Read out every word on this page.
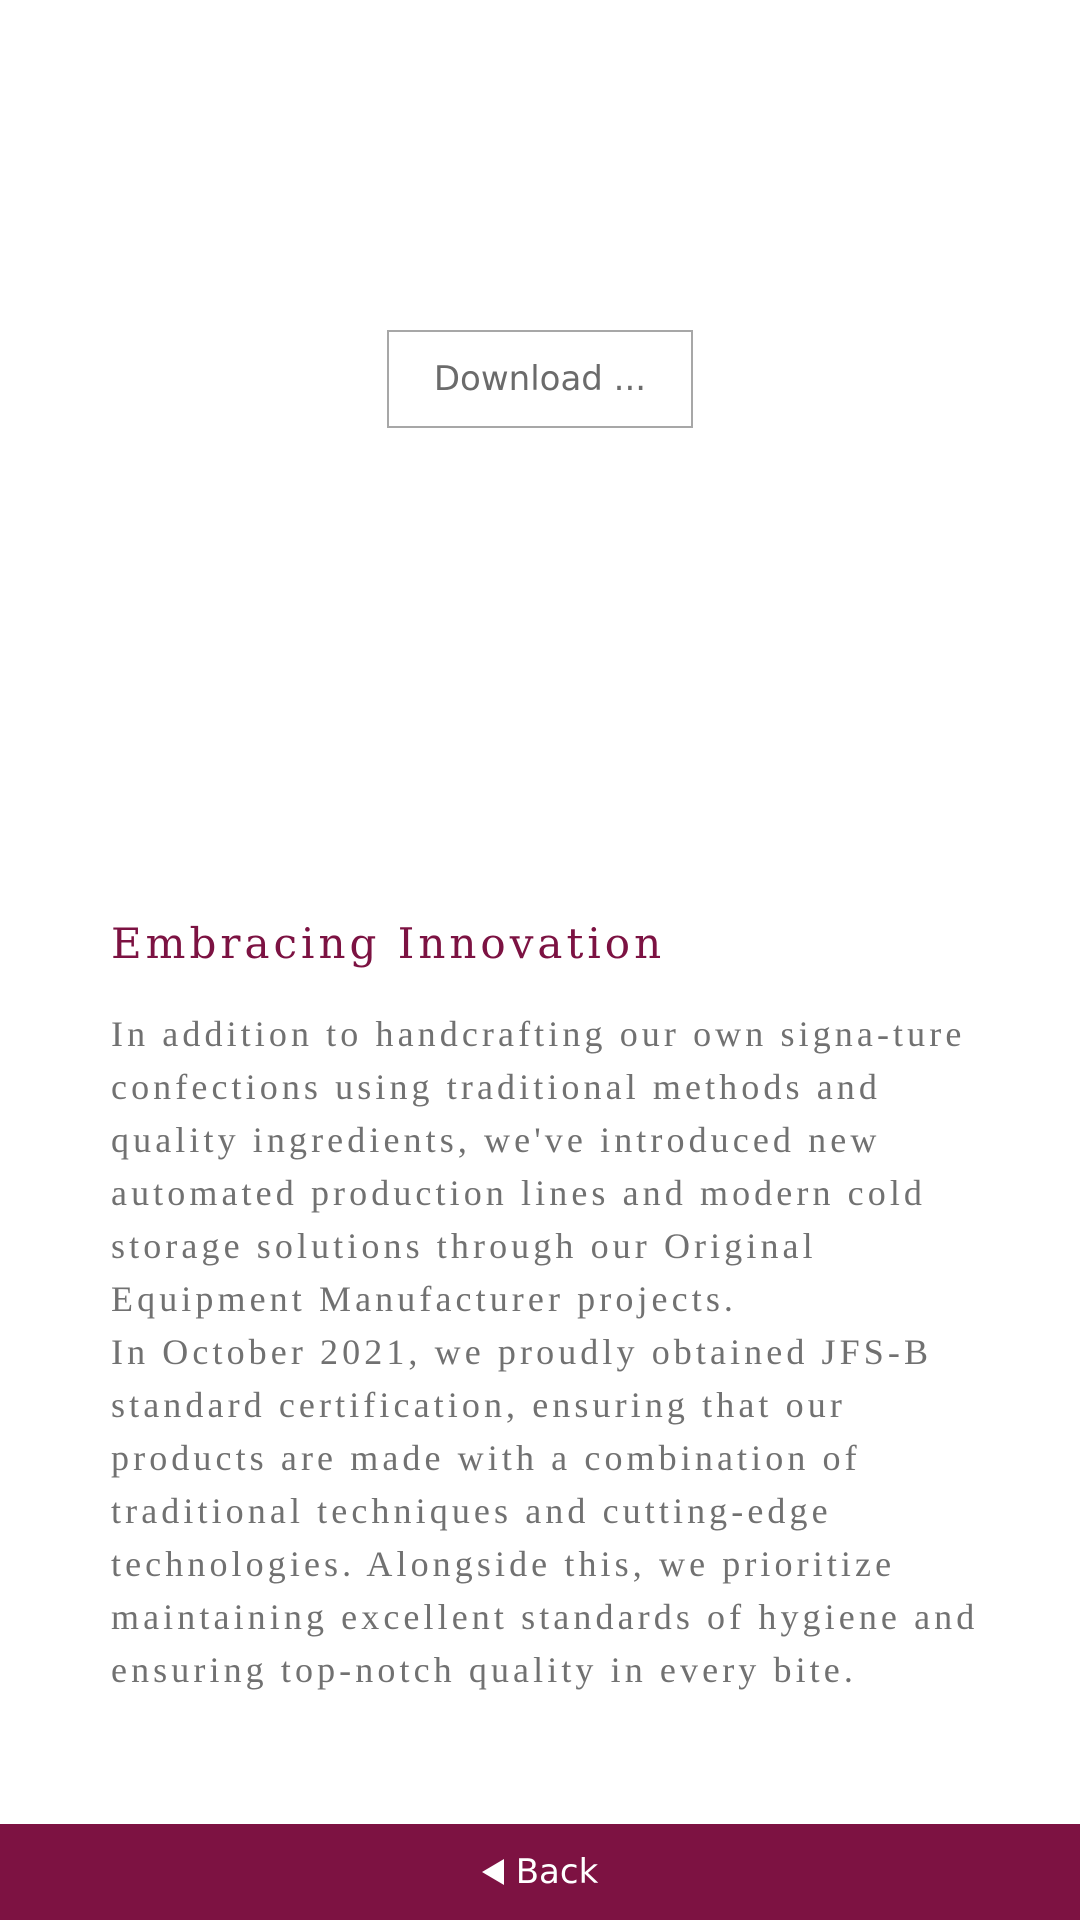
Download ...
Embracing Innovation

In addition to handcrafting our own signa-ture confections using traditional methods and quality ingredients, we've introduced new automated production lines and modern cold storage solutions through our Original Equipment Manufacturer projects.

In October 2021, we proudly obtained JFS-B standard certification, ensuring that our products are made with a combination of traditional techniques and cutting-edge technologies. Alongside this, we prioritize maintaining excellent standards of hygiene and ensuring top-notch quality in every bite.

Back
